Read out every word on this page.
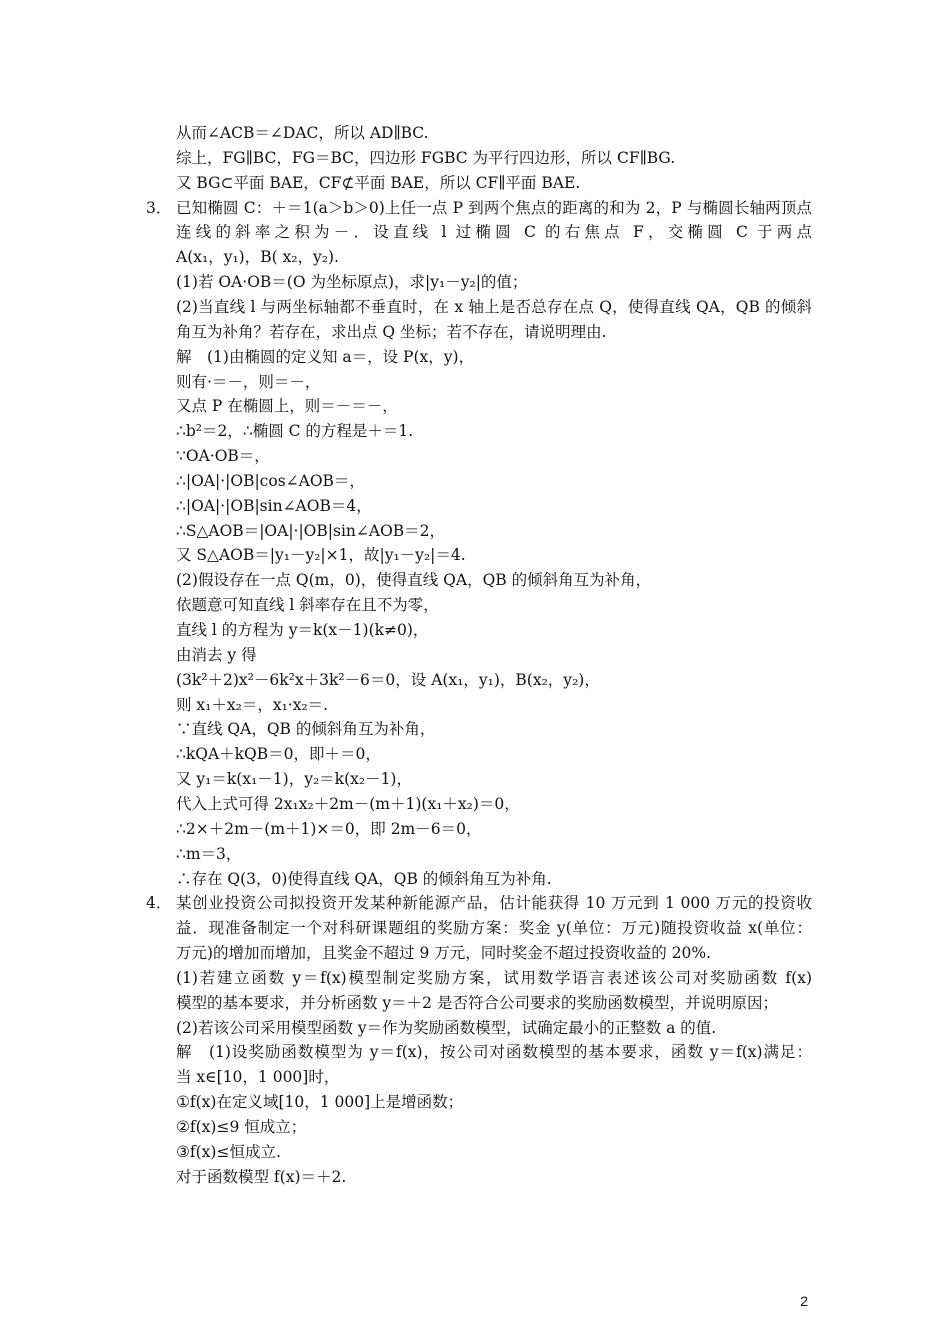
从而∠ACB＝∠DAC，所以 AD∥BC.
综上，FG∥BC，FG＝BC，四边形 FGBC 为平行四边形，所以 CF∥BG.
又 BG⊂平面 BAE，CF⊄平面 BAE，所以 CF∥平面 BAE.
3． 已知椭圆 C：＋＝1(a＞b＞0)上任一点 P 到两个焦点的距离的和为 2，P 与椭圆长轴两顶点
连线的斜率之积为－．设直线 l 过椭圆 C 的右焦点 F，交椭圆 C 于两点
A(x₁，y₁)，B( x₂，y₂).
(1)若 OA·OB＝(O 为坐标原点)，求|y₁－y₂|的值；
(2)当直线 l 与两坐标轴都不垂直时，在 x 轴上是否总存在点 Q，使得直线 QA，QB 的倾斜
角互为补角？若存在，求出点 Q 坐标；若不存在，请说明理由.
解　(1)由椭圆的定义知 a＝，设 P(x，y)，
则有·＝－，则＝－，
又点 P 在椭圆上，则＝－＝－，
∴b²＝2，∴椭圆 C 的方程是＋＝1.
∵OA·OB＝，
∴|OA|·|OB|cos∠AOB＝，
∴|OA|·|OB|sin∠AOB＝4，
∴S△AOB＝|OA|·|OB|sin∠AOB＝2，
又 S△AOB＝|y₁－y₂|×1，故|y₁－y₂|＝4.
(2)假设存在一点 Q(m，0)，使得直线 QA，QB 的倾斜角互为补角，
依题意可知直线 l 斜率存在且不为零，
直线 l 的方程为 y＝k(x－1)(k≠0)，
由消去 y 得
(3k²＋2)x²－6k²x＋3k²－6＝0，设 A(x₁，y₁)，B(x₂，y₂)，
则 x₁＋x₂＝，x₁·x₂＝.
∵直线 QA，QB 的倾斜角互为补角，
∴kQA＋kQB＝0，即＋＝0，
又 y₁＝k(x₁－1)，y₂＝k(x₂－1)，
代入上式可得 2x₁x₂＋2m－(m＋1)(x₁＋x₂)＝0，
∴2×＋2m－(m＋1)×＝0，即 2m－6＝0，
∴m＝3，
∴存在 Q(3，0)使得直线 QA，QB 的倾斜角互为补角.
4． 某创业投资公司拟投资开发某种新能源产品，估计能获得 10 万元到 1 000 万元的投资收
益．现准备制定一个对科研课题组的奖励方案：奖金 y(单位：万元)随投资收益 x(单位：
万元)的增加而增加，且奖金不超过 9 万元，同时奖金不超过投资收益的 20%.
(1)若建立函数 y＝f(x)模型制定奖励方案，试用数学语言表述该公司对奖励函数 f(x)
模型的基本要求，并分析函数 y＝＋2 是否符合公司要求的奖励函数模型，并说明原因；
(2)若该公司采用模型函数 y＝作为奖励函数模型，试确定最小的正整数 a 的值.
解　(1)设奖励函数模型为 y＝f(x)，按公司对函数模型的基本要求，函数 y＝f(x)满足：
当 x∈[10，1 000]时，
①f(x)在定义域[10，1 000]上是增函数；
②f(x)≤9 恒成立；
③f(x)≤恒成立.
对于函数模型 f(x)＝＋2.
2
